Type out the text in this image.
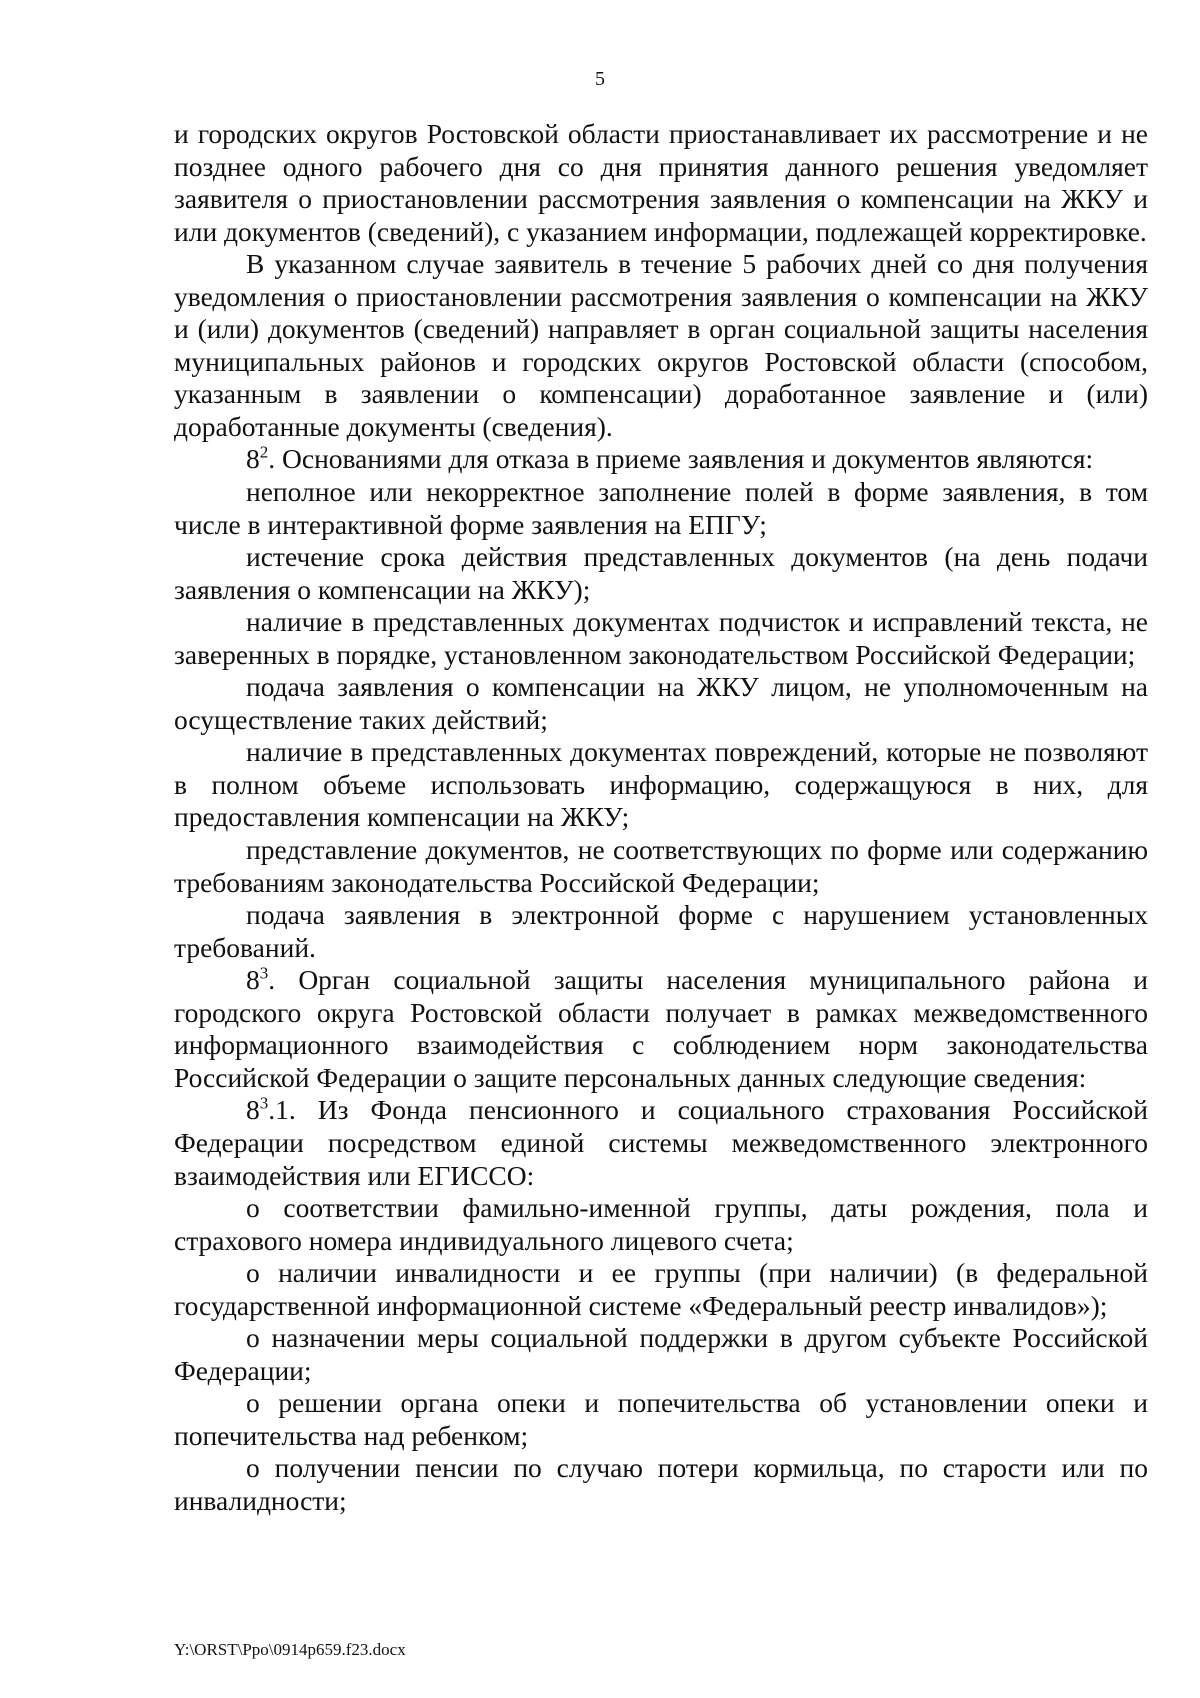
5

и городских округов Ростовской области приостанавливает их рассмотрение и не позднее одного рабочего дня со дня принятия данного решения уведомляет заявителя о приостановлении рассмотрения заявления о компенсации на ЖКУ и или документов (сведений), с указанием информации, подлежащей корректировке.

В указанном случае заявитель в течение 5 рабочих дней со дня получения уведомления о приостановлении рассмотрения заявления о компенсации на ЖКУ и (или) документов (сведений) направляет в орган социальной защиты населения муниципальных районов и городских округов Ростовской области (способом, указанным в заявлении о компенсации) доработанное заявление и (или) доработанные документы (сведения).

$8^2$. Основаниями для отказа в приеме заявления и документов являются:

неполное или некорректное заполнение полей в форме заявления, в том числе в интерактивной форме заявления на ЕПГУ;

истечение срока действия представленных документов (на день подачи заявления о компенсации на ЖКУ);

наличие в представленных документах подчисток и исправлений текста, не заверенных в порядке, установленном законодательством Российской Федерации;

подача заявления о компенсации на ЖКУ лицом, не уполномоченным на осуществление таких действий;

наличие в представленных документах повреждений, которые не позволяют в полном объеме использовать информацию, содержащуюся в них, для предоставления компенсации на ЖКУ;

представление документов, не соответствующих по форме или содержанию требованиям законодательства Российской Федерации;

подача заявления в электронной форме с нарушением установленных требований.

$8^3$. Орган социальной защиты населения муниципального района и городского округа Ростовской области получает в рамках межведомственного информационного взаимодействия с соблюдением норм законодательства Российской Федерации о защите персональных данных следующие сведения:

$8^3.1$. Из Фонда пенсионного и социального страхования Российской Федерации посредством единой системы межведомственного электронного взаимодействия или ЕГИССО:

о соответствии фамильно-именной группы, даты рождения, пола и страхового номера индивидуального лицевого счета;

о наличии инвалидности и ее группы (при наличии) (в федеральной государственной информационной системе «Федеральный реестр инвалидов»);

о назначении меры социальной поддержки в другом субъекте Российской Федерации;

о решении органа опеки и попечительства об установлении опеки и попечительства над ребенком;

о получении пенсии по случаю потери кормильца, по старости или по инвалидности;

Y:\ORST\Ppo\0914p659.f23.docx
